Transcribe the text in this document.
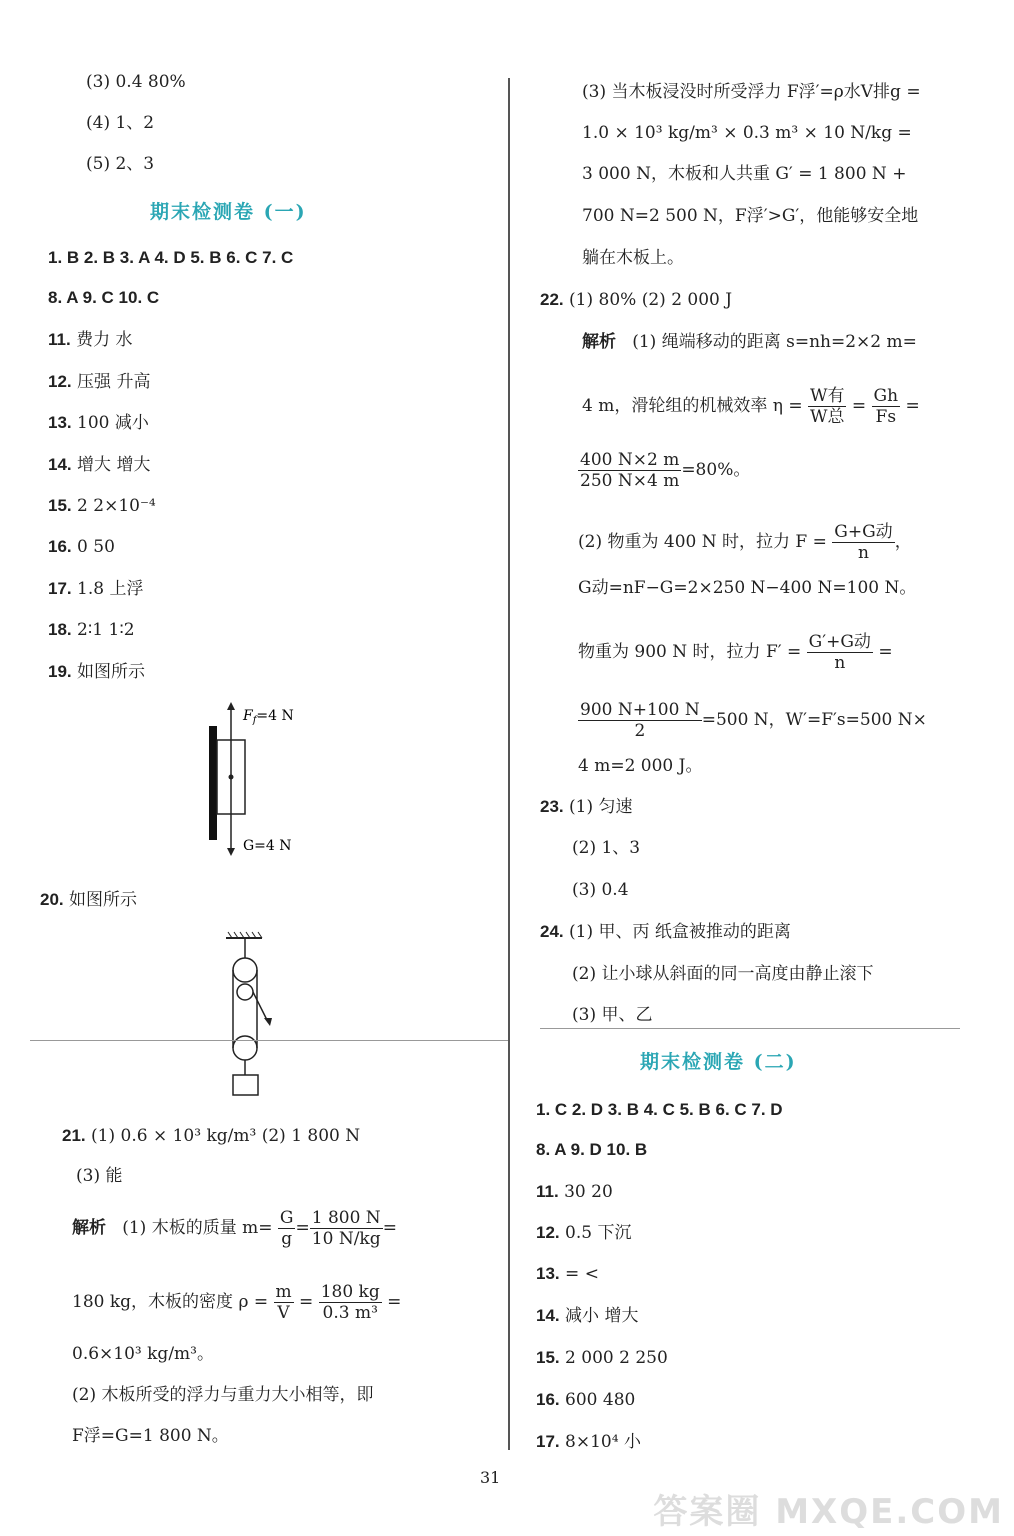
(3) 0.4 80%
(4) 1、2
(5) 2、3
期末检测卷 (一)
1. B 2. B 3. A 4. D 5. B 6. C 7. C
8. A 9. C 10. C
11. 费力 水
12. 压强 升高
13. 100 减小
14. 增大 增大
15. 2 2×10⁻⁴
16. 0 50
17. 1.8 上浮
18. 2∶1 1∶2
19. 如图所示
$F_f=4$ N
G=4 N
20. 如图所示
21. (1) 0.6 × 10³ kg/m³ (2) 1 800 N
(3) 能
解析 (1) 木板的质量 $m= \frac{G}{g} = \frac{1 800 N}{10 N/kg}$ =
180 kg，木板的密度 $\rho = \frac{m}{V} = \frac{180 kg}{\text{0.3 m³}}$ =
0.6×10³ kg/m³。
(2) 木板所受的浮力与重力大小相等，即
F浮=G=1 800 N。
(3) 当木板浸没时所受浮力 F浮′=ρ水V排g =
1.0 × 10³ kg/m³ × 0.3 m³ × 10 N/kg =
3 000 N，木板和人共重 G′ = 1 800 N +
700 N=2 500 N，F浮′>G′，他能够安全地
躺在木板上。
22. (1) 80% (2) 2 000 J
解析 (1) 绳端移动的距离 s=nh=2×2 m=
4 m，滑轮组的机械效率 $\eta = \frac{\text{W有}}{\text{W总}} = \frac{Gh}{Fs}$ =
$\frac{400 N\times 2 m}{250 N\times 4 m} =80\%$。
(2) 物重为 400 N 时，拉力 $F = \frac{\text{G+G动}}{n}$ ，
G动=nF−G=2×250 N−400 N=100 N。
物重为 900 N 时，拉力 $F' = \frac{\text{G′+G动}}{n}$ =
$\frac{900 N+100 N}{2} =500$ N，W′=F′s=500 N×
4 m=2 000 J。
23. (1) 匀速
(2) 1、3
(3) 0.4
24. (1) 甲、丙 纸盒被推动的距离
(2) 让小球从斜面的同一高度由静止滚下
(3) 甲、乙
期末检测卷 (二)
1. C 2. D 3. B 4. C 5. B 6. C 7. D
8. A 9. D 10. B
11. 30 20
12. 0.5 下沉
13. = <
14. 减小 增大
15. 2 000 2 250
16. 600 480
17. 8×10⁴ 小
31
答案圈 MXQE.COM
